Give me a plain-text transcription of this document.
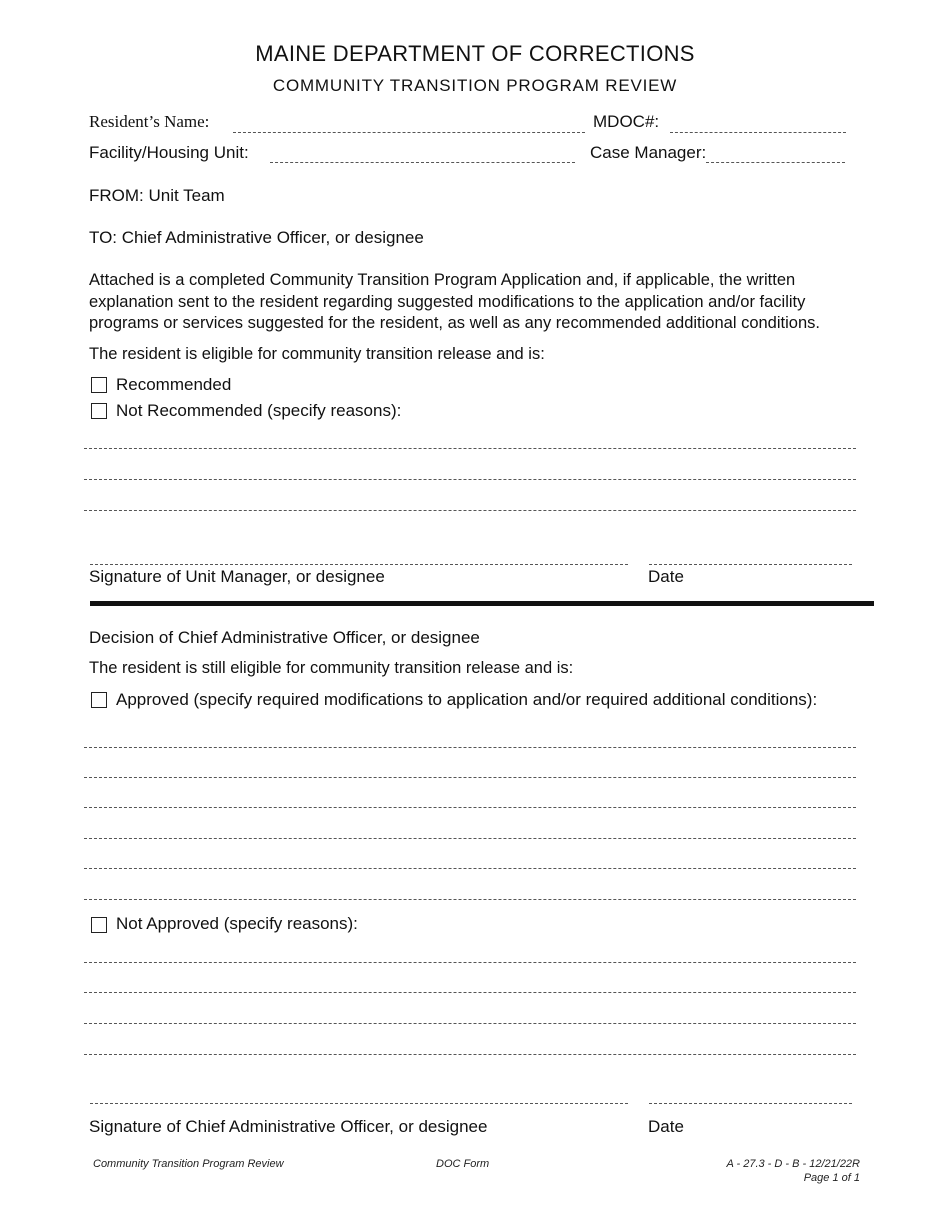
MAINE DEPARTMENT OF CORRECTIONS
COMMUNITY TRANSITION PROGRAM REVIEW
Resident’s Name:	MDOC#:
Facility/Housing Unit:	Case Manager:
FROM: Unit Team
TO: Chief Administrative Officer, or designee
Attached is a completed Community Transition Program Application and, if applicable, the written explanation sent to the resident regarding suggested modifications to the application and/or facility programs or services suggested for the resident, as well as any recommended additional conditions.
The resident is eligible for community transition release and is:
Recommended
Not Recommended (specify reasons):
Signature of Unit Manager, or designee	Date
Decision of Chief Administrative Officer, or designee
The resident is still eligible for community transition release and is:
Approved (specify required modifications to application and/or required additional conditions):
Not Approved (specify reasons):
Signature of Chief Administrative Officer, or designee	Date
Community Transition Program Review	DOC Form	A - 27.3 - D - B - 12/21/22R
Page 1 of 1
